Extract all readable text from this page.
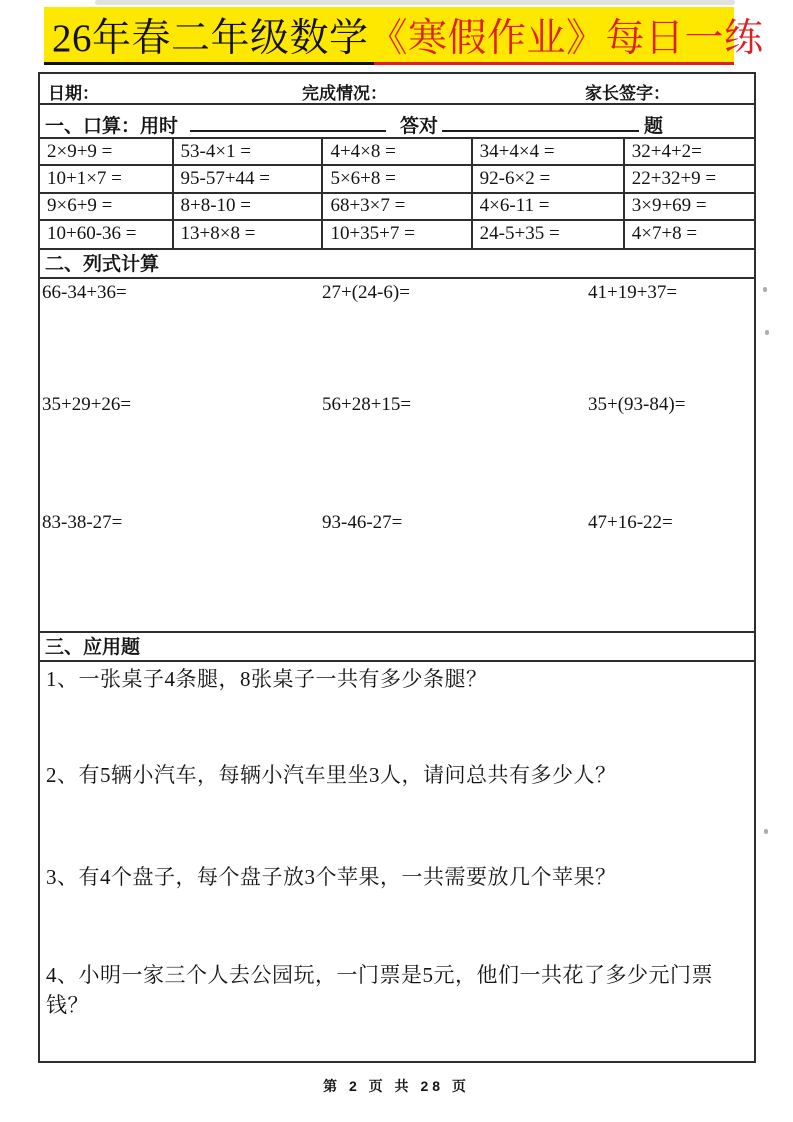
26年春二年级数学 《寒假作业》每日一练
日期：	完成情况：	家长签字：
一、口算：用时	答对	题
2×9+9 =	53-4×1 =	4+4×8 =	34+4×4 =	32+4+2=
10+1×7 =	95-57+44 =	5×6+8 =	92-6×2 =	22+32+9 =
9×6+9 =	8+8-10 =	68+3×7 =	4×6-11 =	3×9+69 =
10+60-36 =	13+8×8 =	10+35+7 =	24-5+35 =	4×7+8 =
二、列式计算
66-34+36=	27+(24-6)=	41+19+37=
35+29+26=	56+28+15=	35+(93-84)=
83-38-27=	93-46-27=	47+16-22=
三、应用题
1、一张桌子4条腿，8张桌子一共有多少条腿？
2、有5辆小汽车，每辆小汽车里坐3人，请问总共有多少人？
3、有4个盘子，每个盘子放3个苹果，一共需要放几个苹果？
4、小明一家三个人去公园玩，一门票是5元，他们一共花了多少元门票钱？
第 2 页 共 28 页
